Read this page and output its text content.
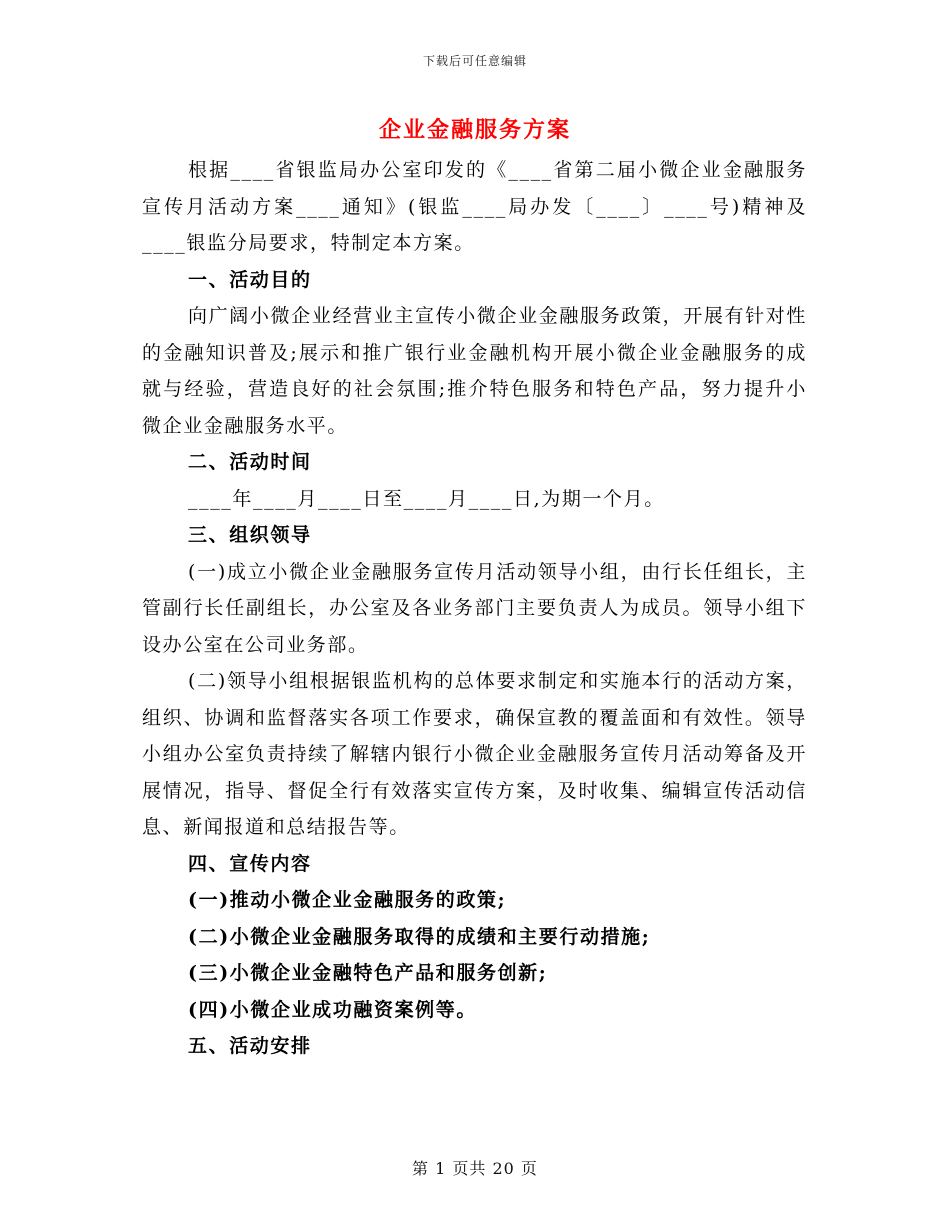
下载后可任意编辑
企业金融服务方案

根据____省银监局办公室印发的《____省第二届小微企业金融服务宣传月活动方案____通知》(银监____局办发〔____〕____号)精神及____银监分局要求，特制定本方案。

一、活动目的

向广阔小微企业经营业主宣传小微企业金融服务政策，开展有针对性的金融知识普及;展示和推广银行业金融机构开展小微企业金融服务的成就与经验，营造良好的社会氛围;推介特色服务和特色产品，努力提升小微企业金融服务水平。

二、活动时间

____年____月____日至____月____日,为期一个月。

三、组织领导

(一)成立小微企业金融服务宣传月活动领导小组，由行长任组长，主管副行长任副组长，办公室及各业务部门主要负责人为成员。领导小组下设办公室在公司业务部。

(二)领导小组根据银监机构的总体要求制定和实施本行的活动方案，组织、协调和监督落实各项工作要求，确保宣教的覆盖面和有效性。领导小组办公室负责持续了解辖内银行小微企业金融服务宣传月活动筹备及开展情况，指导、督促全行有效落实宣传方案，及时收集、编辑宣传活动信息、新闻报道和总结报告等。

四、宣传内容

(一)推动小微企业金融服务的政策;

(二)小微企业金融服务取得的成绩和主要行动措施;

(三)小微企业金融特色产品和服务创新;

(四)小微企业成功融资案例等。

五、活动安排

第 1 页共 20 页
